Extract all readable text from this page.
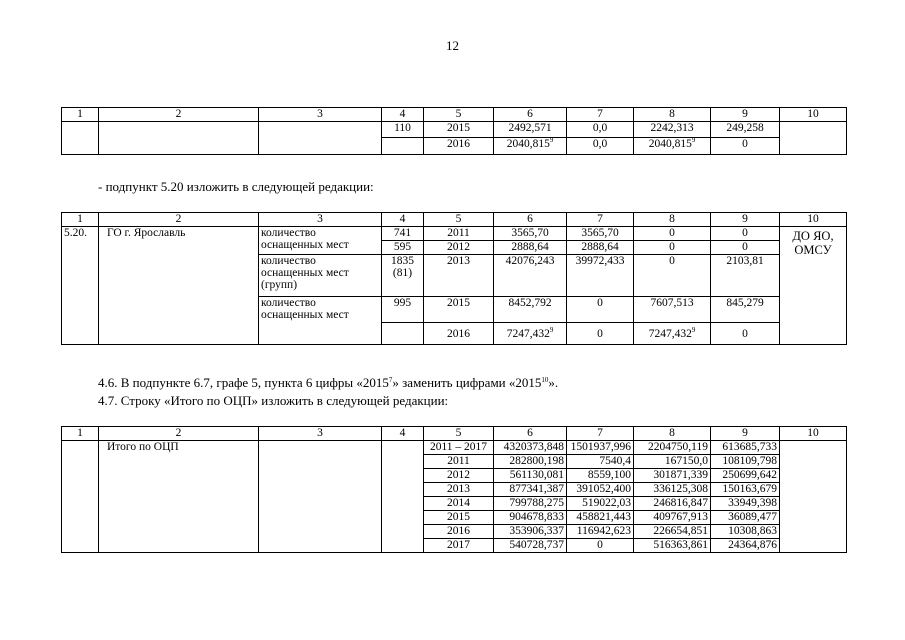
12
1	2	3	4	5	6	7	8	9	10
			110	2015	2492,571	0,0	2242,313	249,258	
				2016	2040,815$^9$	0,0	2040,815$^9$	0	
- подпункт 5.20 изложить в следующей редакции:
1	2	3	4	5	6	7	8	9	10
5.20.	ГО г. Ярославль	количество оснащенных мест	741	2011	3565,70	3565,70	0	0	ДО ЯО, ОМСУ
			595	2012	2888,64	2888,64	0	0	
		количество оснащенных мест (групп)	1835 (81)	2013	42076,243	39972,433	0	2103,81	
		количество оснащенных мест	995	2015	8452,792	0	7607,513	845,279	
				2016	7247,432$^9$	0	7247,432$^9$	0	
4.6. В подпункте 6.7, графе 5, пункта 6 цифры «2015$^7$» заменить цифрами «2015$^{10}$».
4.7. Строку «Итого по ОЦП» изложить в следующей редакции:
1	2	3	4	5	6	7	8	9	10
	Итого по ОЦП			2011 – 2017	4320373,848	1501937,996	2204750,119	613685,733	
				2011	282800,198	7540,4	167150,0	108109,798	
				2012	561130,081	8559,100	301871,339	250699,642	
				2013	877341,387	391052,400	336125,308	150163,679	
				2014	799788,275	519022,03	246816,847	33949,398	
				2015	904678,833	458821,443	409767,913	36089,477	
				2016	353906,337	116942,623	226654,851	10308,863	
				2017	540728,737	0	516363,861	24364,876	
